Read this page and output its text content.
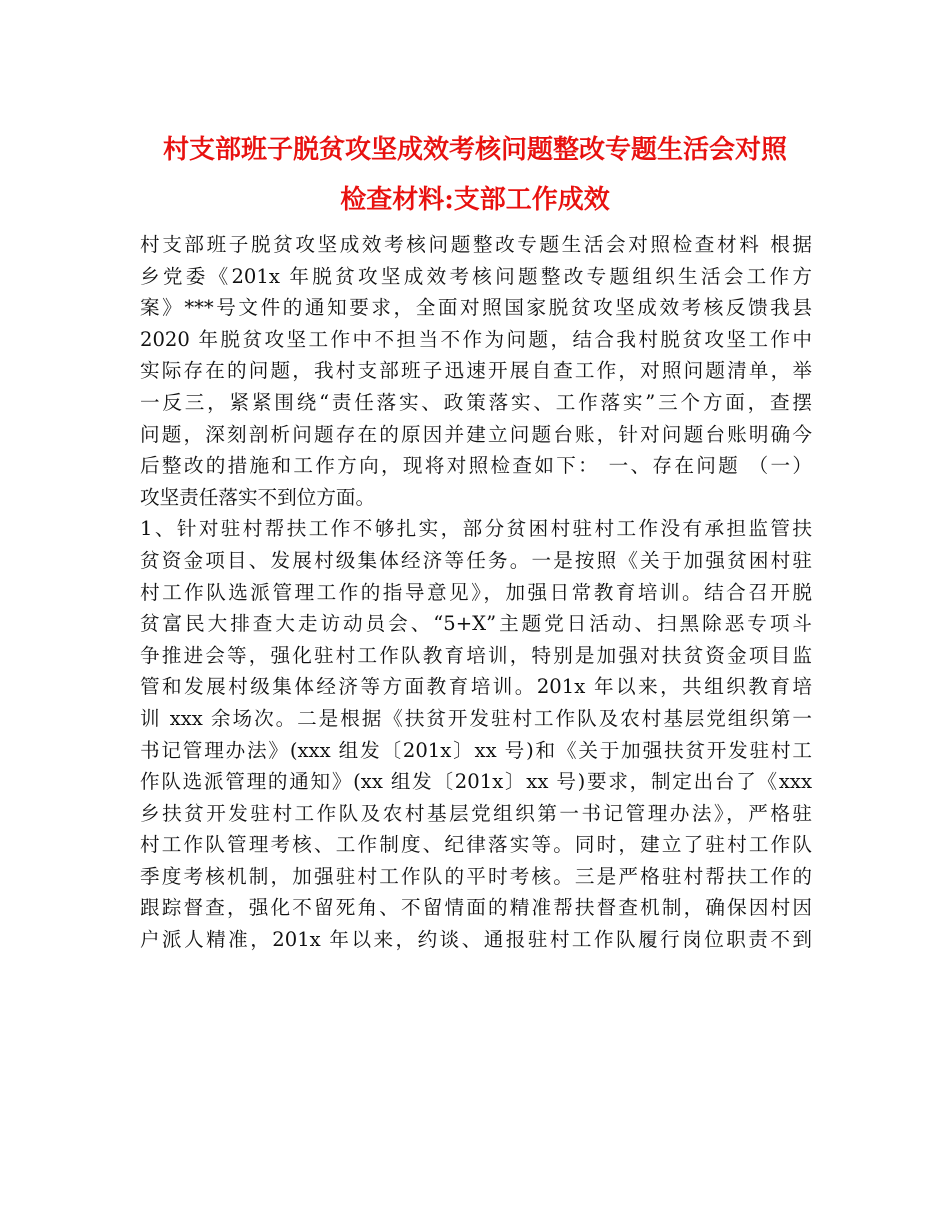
村支部班子脱贫攻坚成效考核问题整改专题生活会对照
检查材料:支部工作成效
村支部班子脱贫攻坚成效考核问题整改专题生活会对照检查材料 根据
乡党委《201x 年脱贫攻坚成效考核问题整改专题组织生活会工作方
案》***号文件的通知要求，全面对照国家脱贫攻坚成效考核反馈我县
2020 年脱贫攻坚工作中不担当不作为问题，结合我村脱贫攻坚工作中
实际存在的问题，我村支部班子迅速开展自查工作，对照问题清单，举
一反三，紧紧围绕“责任落实、政策落实、工作落实”三个方面，查摆
问题，深刻剖析问题存在的原因并建立问题台账，针对问题台账明确今
后整改的措施和工作方向，现将对照检查如下： 一、存在问题 （一）
攻坚责任落实不到位方面。
1、针对驻村帮扶工作不够扎实，部分贫困村驻村工作没有承担监管扶
贫资金项目、发展村级集体经济等任务。一是按照《关于加强贫困村驻
村工作队选派管理工作的指导意见》，加强日常教育培训。结合召开脱
贫富民大排查大走访动员会、“5+X”主题党日活动、扫黑除恶专项斗
争推进会等，强化驻村工作队教育培训，特别是加强对扶贫资金项目监
管和发展村级集体经济等方面教育培训。201x 年以来，共组织教育培
训 xxx 余场次。二是根据《扶贫开发驻村工作队及农村基层党组织第一
书记管理办法》(xxx 组发〔201x〕xx 号)和《关于加强扶贫开发驻村工
作队选派管理的通知》(xx 组发〔201x〕xx 号)要求，制定出台了《xxx
乡扶贫开发驻村工作队及农村基层党组织第一书记管理办法》，严格驻
村工作队管理考核、工作制度、纪律落实等。同时，建立了驻村工作队
季度考核机制，加强驻村工作队的平时考核。三是严格驻村帮扶工作的
跟踪督查，强化不留死角、不留情面的精准帮扶督查机制，确保因村因
户派人精准，201x 年以来，约谈、通报驻村工作队履行岗位职责不到
